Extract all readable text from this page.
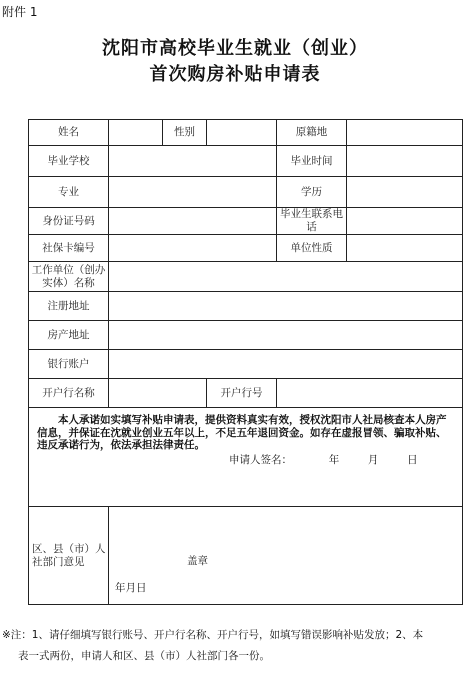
附件 1
沈阳市高校毕业生就业（创业）
首次购房补贴申请表
姓名		性别		原籍地	
毕业学校				毕业时间	
专业				学历	
身份证号码				毕业生联系电话	
社保卡编号				单位性质	
工作单位（创办实体）名称					
注册地址					
房产地址					
银行账户					
开户行名称			开户行号		

本人承诺如实填写补贴申请表，提供资料真实有效，授权沈阳市人社局核查本人房产信息，并保证在沈就业创业五年以上，不足五年退回资金。如存在虚报冒领、骗取补贴、违反承诺行为，依法承担法律责任。
申请人签名： 年 月 日					

区、县（市）人社部门意见	盖章
年月日				
※注：1、请仔细填写银行账号、开户行名称、开户行号，如填写错误影响补贴发放；2、本
表一式两份，申请人和区、县（市）人社部门各一份。
